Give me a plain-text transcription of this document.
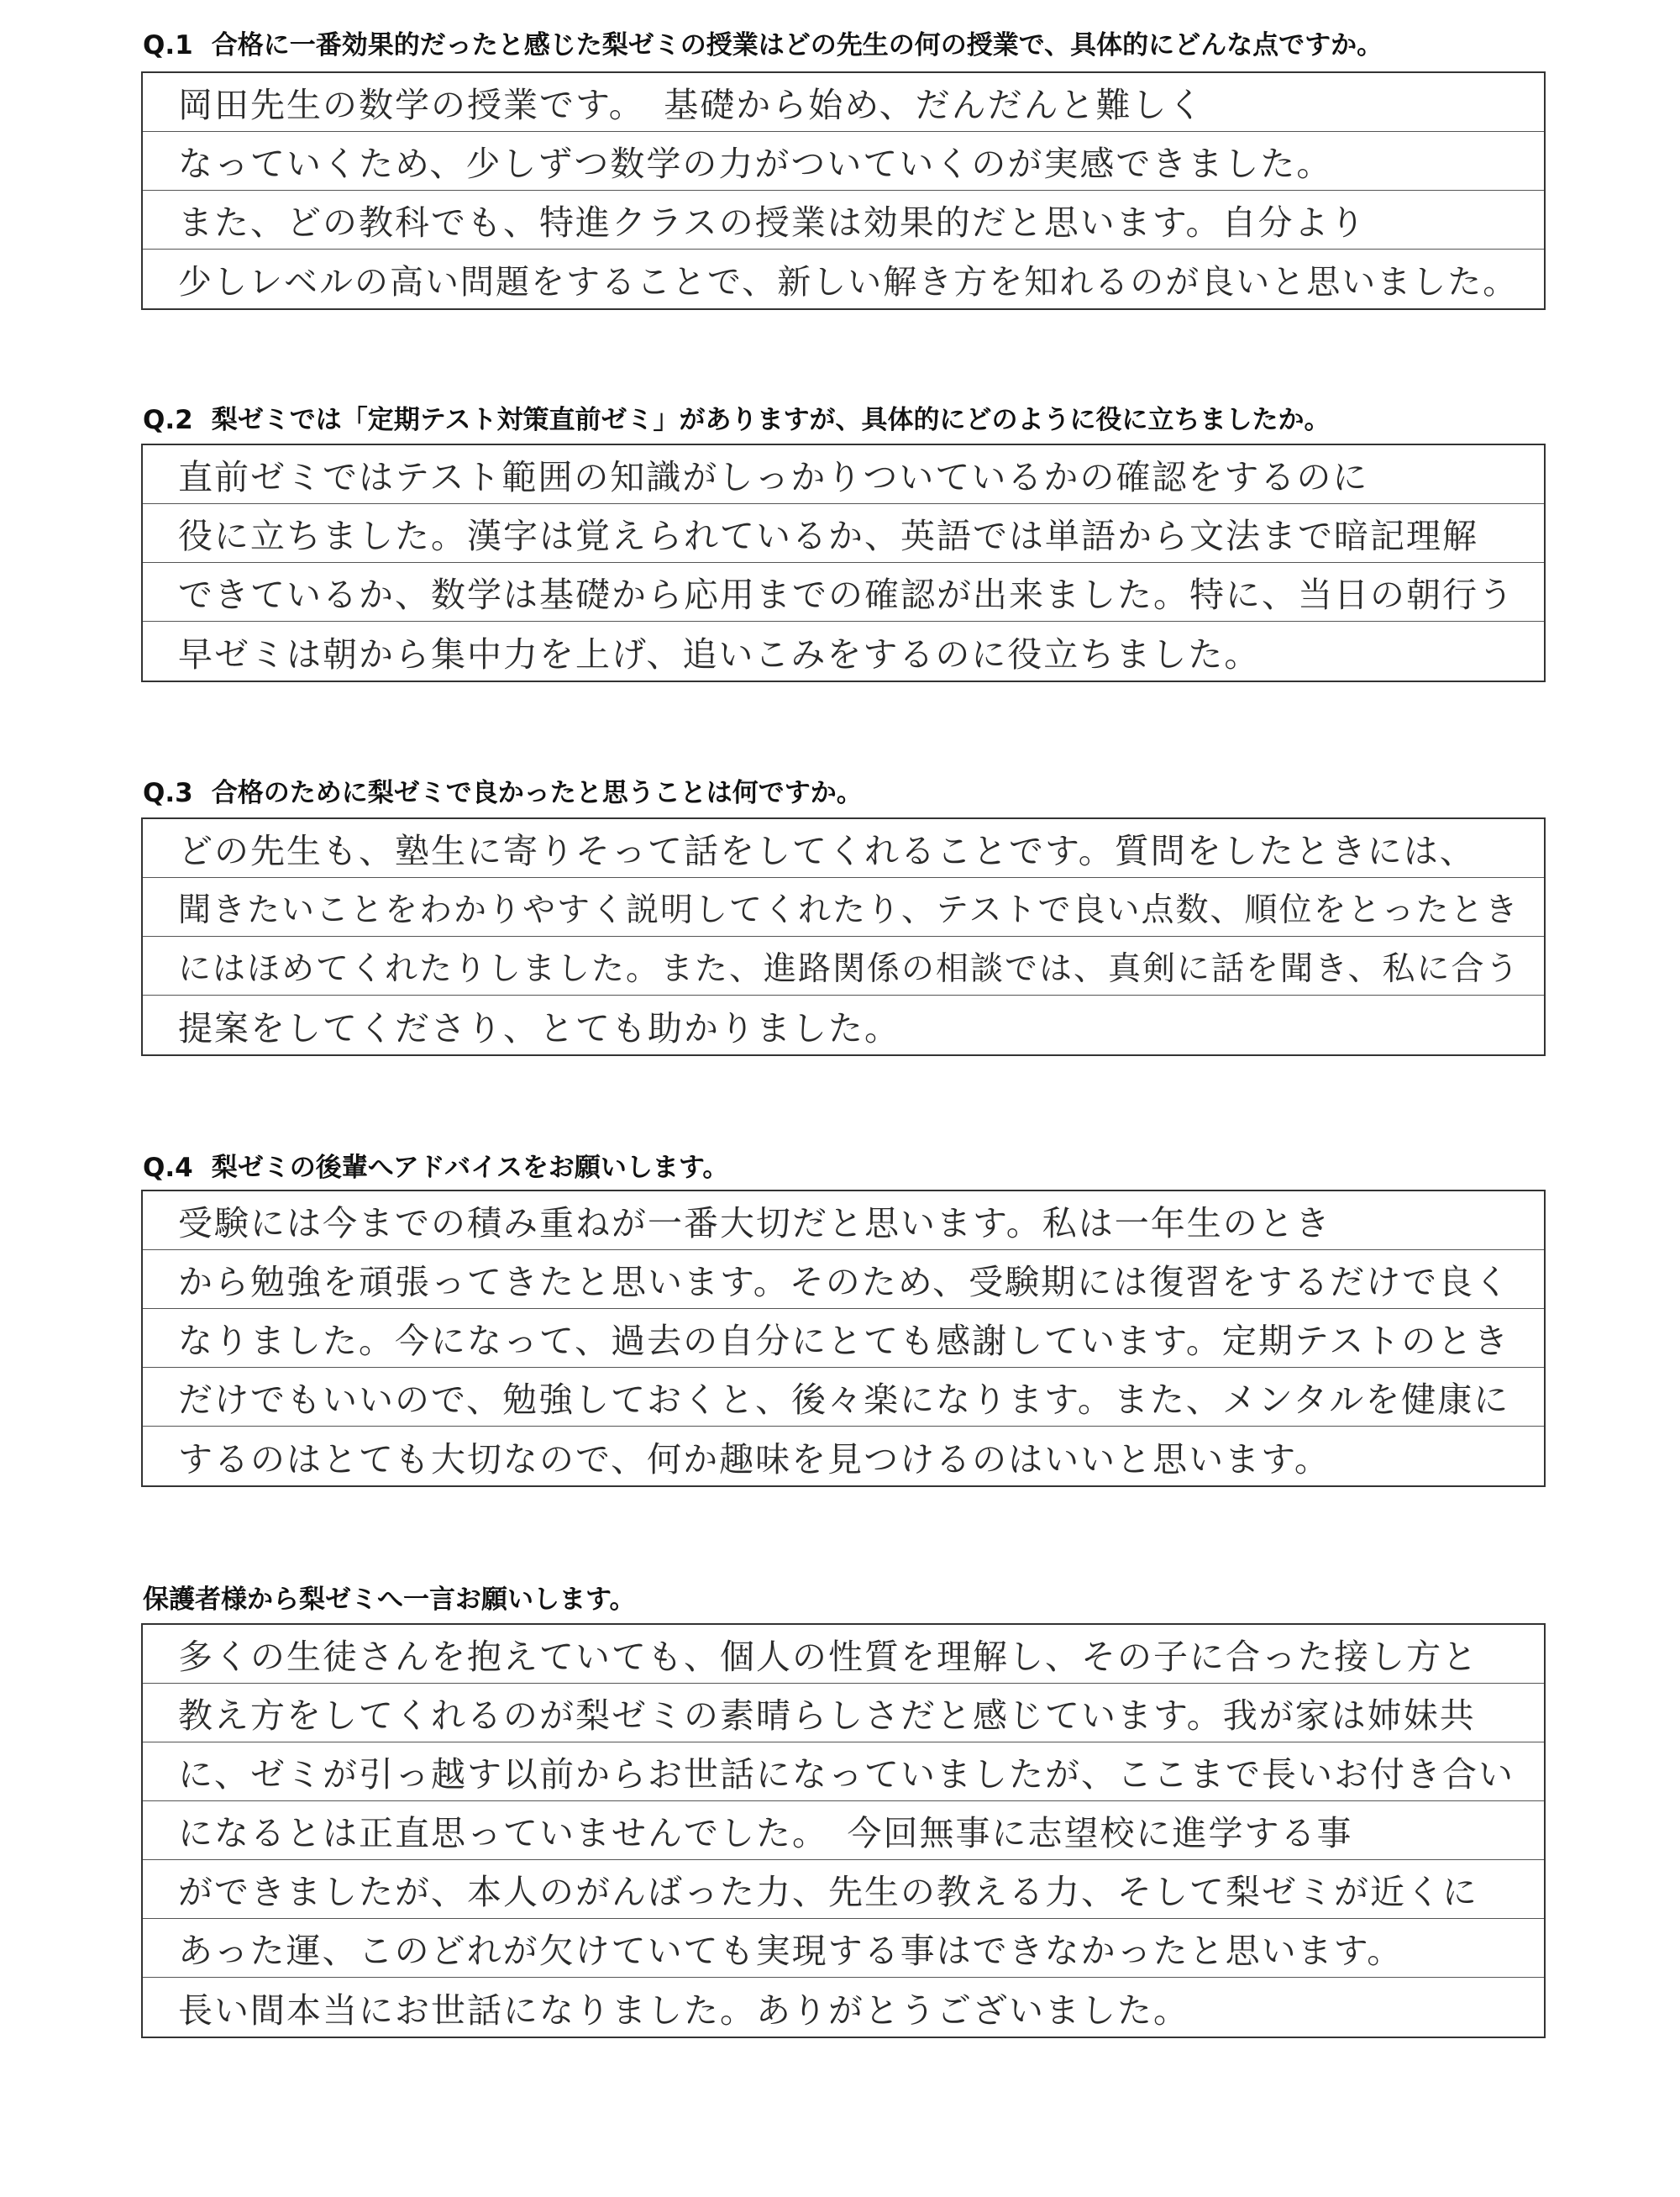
Q.1 合格に一番効果的だったと感じた梨ゼミの授業はどの先生の何の授業で、具体的にどんな点ですか。
岡田先生の数学の授業です。　基礎から始め、だんだんと難しく
なっていくため、少しずつ数学の力がついていくのが実感できました。
また、どの教科でも、特進クラスの授業は効果的だと思います。自分より
少しレベルの高い問題をすることで、新しい解き方を知れるのが良いと思いました。
Q.2 梨ゼミでは「定期テスト対策直前ゼミ」がありますが、具体的にどのように役に立ちましたか。
直前ゼミではテスト範囲の知識がしっかりついているかの確認をするのに
役に立ちました。漢字は覚えられているか、英語では単語から文法まで暗記理解
できているか、数学は基礎から応用までの確認が出来ました。特に、当日の朝行う
早ゼミは朝から集中力を上げ、追いこみをするのに役立ちました。
Q.3 合格のために梨ゼミで良かったと思うことは何ですか。
どの先生も、塾生に寄りそって話をしてくれることです。質問をしたときには、
聞きたいことをわかりやすく説明してくれたり、テストで良い点数、順位をとったとき
にはほめてくれたりしました。また、進路関係の相談では、真剣に話を聞き、私に合う
提案をしてくださり、とても助かりました。
Q.4 梨ゼミの後輩へアドバイスをお願いします。
受験には今までの積み重ねが一番大切だと思います。私は一年生のとき
から勉強を頑張ってきたと思います。そのため、受験期には復習をするだけで良く
なりました。今になって、過去の自分にとても感謝しています。定期テストのとき
だけでもいいので、勉強しておくと、後々楽になります。また、メンタルを健康に
するのはとても大切なので、何か趣味を見つけるのはいいと思います。
保護者様から梨ゼミへ一言お願いします。
多くの生徒さんを抱えていても、個人の性質を理解し、その子に合った接し方と
教え方をしてくれるのが梨ゼミの素晴らしさだと感じています。我が家は姉妹共
に、ゼミが引っ越す以前からお世話になっていましたが、ここまで長いお付き合い
になるとは正直思っていませんでした。　今回無事に志望校に進学する事
ができましたが、本人のがんばった力、先生の教える力、そして梨ゼミが近くに
あった運、このどれが欠けていても実現する事はできなかったと思います。
長い間本当にお世話になりました。ありがとうございました。
